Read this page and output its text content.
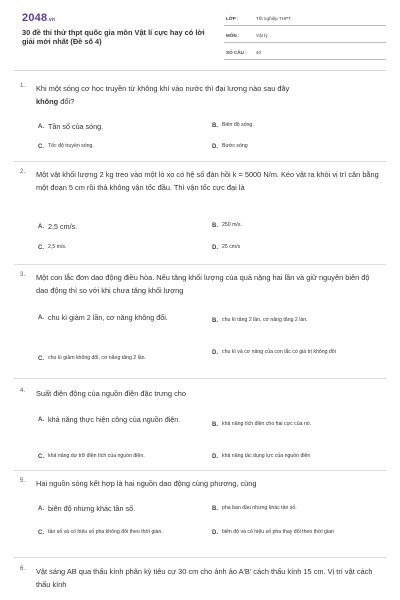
2048.vn
30 đề thi thử thpt quốc gia môn Vật lí cực hay có lời giải mới nhất (Đề số 4)
LỚP :	Tốt nghiệp THPT
MÔN :	Vật lý
SỐ CÂU : 40
1. Khi một sóng cơ học truyền từ không khí vào nước thì đại lượng nào sau đây
không đổi?
A. Tần số của sóng.	B. Biên độ sóng.
C. Tốc độ truyền sóng.	D. Bước sóng
2. Một vật khối lượng 2 kg treo vào một lò xo có hệ số đàn hồi k = 5000 N/m. Kéo vật ra khỏi vị trí cân bằng một đoạn 5 cm rồi thả không vận tốc đầu. Thì vận tốc cực đại là
A. 2,5 cm/s.	B. 250 m/s.
C. 2,5 m/s.	D. 25 cm/s
3. Một con lắc đơn dao động điều hòa. Nếu tăng khối lượng của quả nặng hai lần và giữ nguyên biên độ dao động thì so với khi chưa tăng khối lượng
A. chu kì giảm 2 lần, cơ năng không đổi.	B. chu kì tăng 2 lần, cơ năng tăng 2 lần.
C. chu kì giảm không đổi, cơ năng tăng 2 lần.
D. chu kì và cơ năng của con lắc có giá trị không đổi
4. Suất điện động của nguồn điện đặc trưng cho
A. khả năng thực hiện công của nguồn điện.
B. khả năng tích điện cho hai cực của nó.
C. khả năng dự trữ điện tích của nguồn điện.	D. khả năng tác dụng lực của nguồn điện
5. Hai nguồn sóng kết hợp là hai nguồn dao động cùng phương, cùng
A. biên độ nhưng khác tần số.	B. pha ban đầu nhưng khác tần số.
C. tần số và có hiệu số pha không đổi theo thời gian.	D. biên độ và có hiệu số pha thay đổi theo thời gian
6. Vật sáng AB qua thấu kính phân kỳ tiêu cự 30 cm cho ảnh ảo A'B' cách thấu kính 15 cm. Vị trí vật cách thấu kính
